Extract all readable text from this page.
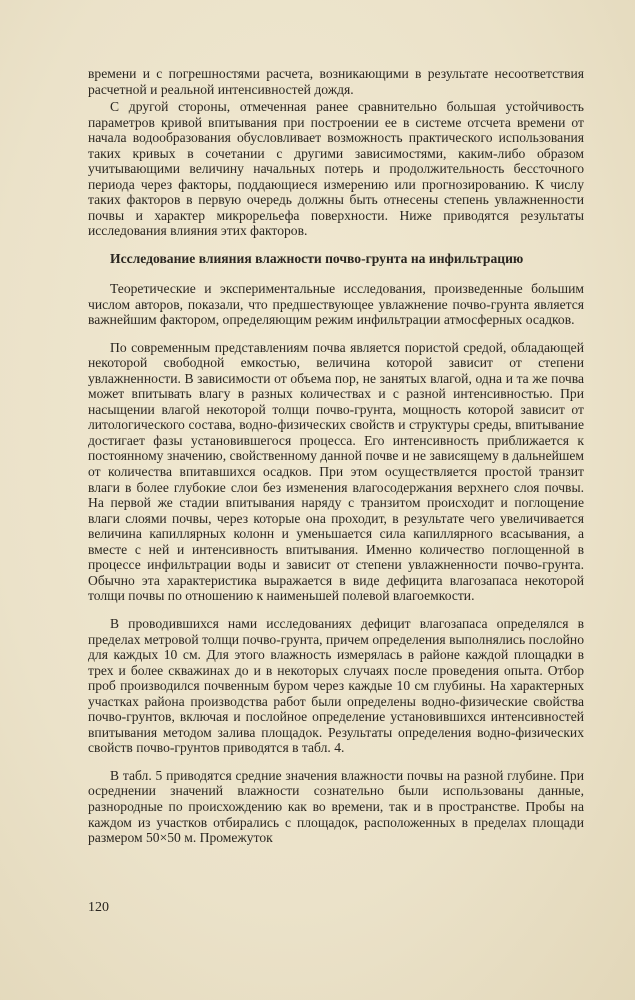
времени и с погрешностями расчета, возникающими в результате несоответствия расчетной и реальной интенсивностей дождя.

С другой стороны, отмеченная ранее сравнительно большая устойчивость параметров кривой впитывания при построении ее в системе отсчета времени от начала водообразования обусловливает возможность практического использования таких кривых в сочетании с другими зависимостями, каким-либо образом учитывающими величину начальных потерь и продолжительность бессточного периода через факторы, поддающиеся измерению или прогнозированию. К числу таких факторов в первую очередь должны быть отнесены степень увлажненности почвы и характер микрорельефа поверхности. Ниже приводятся результаты исследования влияния этих факторов.

Исследование влияния влажности почво-грунта на инфильтрацию

Теоретические и экспериментальные исследования, произведенные большим числом авторов, показали, что предшествующее увлажнение почво-грунта является важнейшим фактором, определяющим режим инфильтрации атмосферных осадков.

По современным представлениям почва является пористой средой, обладающей некоторой свободной емкостью, величина которой зависит от степени увлажненности. В зависимости от объема пор, не занятых влагой, одна и та же почва может впитывать влагу в разных количествах и с разной интенсивностью. При насыщении влагой некоторой толщи почво-грунта, мощность которой зависит от литологического состава, водно-физических свойств и структуры среды, впитывание достигает фазы установившегося процесса. Его интенсивность приближается к постоянному значению, свойственному данной почве и не зависящему в дальнейшем от количества впитавшихся осадков. При этом осуществляется простой транзит влаги в более глубокие слои без изменения влагосодержания верхнего слоя почвы. На первой же стадии впитывания наряду с транзитом происходит и поглощение влаги слоями почвы, через которые она проходит, в результате чего увеличивается величина капиллярных колонн и уменьшается сила капиллярного всасывания, а вместе с ней и интенсивность впитывания. Именно количество поглощенной в процессе инфильтрации воды и зависит от степени увлажненности почво-грунта. Обычно эта характеристика выражается в виде дефицита влагозапаса некоторой толщи почвы по отношению к наименьшей полевой влагоемкости.

В проводившихся нами исследованиях дефицит влагозапаса определялся в пределах метровой толщи почво-грунта, причем определения выполнялись послойно для каждых 10 см. Для этого влажность измерялась в районе каждой площадки в трех и более скважинах до и в некоторых случаях после проведения опыта. Отбор проб производился почвенным буром через каждые 10 см глубины. На характерных участках района производства работ были определены водно-физические свойства почво-грунтов, включая и послойное определение установившихся интенсивностей впитывания методом залива площадок. Результаты определения водно-физических свойств почво-грунтов приводятся в табл. 4.

В табл. 5 приводятся средние значения влажности почвы на разной глубине. При осреднении значений влажности сознательно были использованы данные, разнородные по происхождению как во времени, так и в пространстве. Пробы на каждом из участков отбирались с площадок, расположенных в пределах площади размером 50×50 м. Промежуток

120
